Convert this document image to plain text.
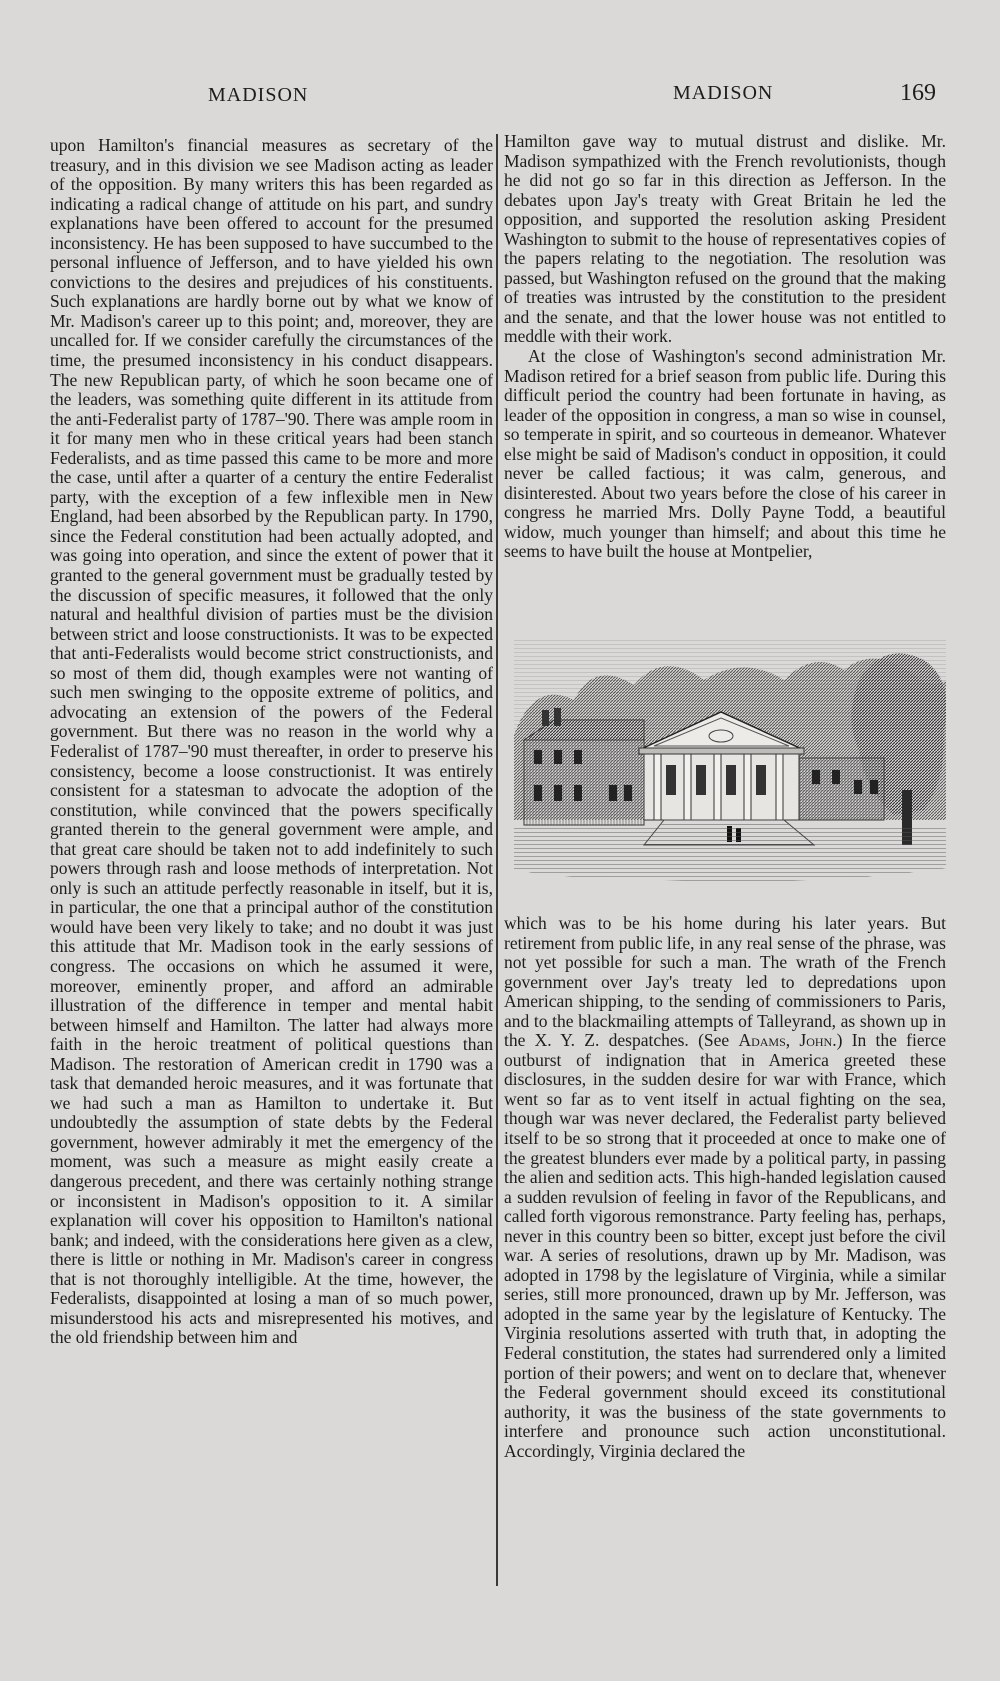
MADISON	MADISON	169

upon Hamilton's financial measures as secretary of the treasury, and in this division we see Madison acting as leader of the opposition. By many writers this has been regarded as indicating a radical change of attitude on his part, and sundry explanations have been offered to account for the presumed inconsistency. He has been supposed to have succumbed to the personal influence of Jefferson, and to have yielded his own convictions to the desires and prejudices of his constituents. Such explanations are hardly borne out by what we know of Mr. Madison's career up to this point; and, moreover, they are uncalled for. If we consider carefully the circumstances of the time, the presumed inconsistency in his conduct disappears. The new Republican party, of which he soon became one of the leaders, was something quite different in its attitude from the anti-Federalist party of 1787–'90. There was ample room in it for many men who in these critical years had been stanch Federalists, and as time passed this came to be more and more the case, until after a quarter of a century the entire Federalist party, with the exception of a few inflexible men in New England, had been absorbed by the Republican party. In 1790, since the Federal constitution had been actually adopted, and was going into operation, and since the extent of power that it granted to the general government must be gradually tested by the discussion of specific measures, it followed that the only natural and healthful division of parties must be the division between strict and loose constructionists. It was to be expected that anti-Federalists would become strict constructionists, and so most of them did, though examples were not wanting of such men swinging to the opposite extreme of politics, and advocating an extension of the powers of the Federal government. But there was no reason in the world why a Federalist of 1787–'90 must thereafter, in order to preserve his consistency, become a loose constructionist. It was entirely consistent for a statesman to advocate the adoption of the constitution, while convinced that the powers specifically granted therein to the general government were ample, and that great care should be taken not to add indefinitely to such powers through rash and loose methods of interpretation. Not only is such an attitude perfectly reasonable in itself, but it is, in particular, the one that a principal author of the constitution would have been very likely to take; and no doubt it was just this attitude that Mr. Madison took in the early sessions of congress. The occasions on which he assumed it were, moreover, eminently proper, and afford an admirable illustration of the difference in temper and mental habit between himself and Hamilton. The latter had always more faith in the heroic treatment of political questions than Madison. The restoration of American credit in 1790 was a task that demanded heroic measures, and it was fortunate that we had such a man as Hamilton to undertake it. But undoubtedly the assumption of state debts by the Federal government, however admirably it met the emergency of the moment, was such a measure as might easily create a dangerous precedent, and there was certainly nothing strange or inconsistent in Madison's opposition to it. A similar explanation will cover his opposition to Hamilton's national bank; and indeed, with the considerations here given as a clew, there is little or nothing in Mr. Madison's career in congress that is not thoroughly intelligible. At the time, however, the Federalists, disappointed at losing a man of so much power, misunderstood his acts and misrepresented his motives, and the old friendship between him and

Hamilton gave way to mutual distrust and dislike. Mr. Madison sympathized with the French revolutionists, though he did not go so far in this direction as Jefferson. In the debates upon Jay's treaty with Great Britain he led the opposition, and supported the resolution asking President Washington to submit to the house of representatives copies of the papers relating to the negotiation. The resolution was passed, but Washington refused on the ground that the making of treaties was intrusted by the constitution to the president and the senate, and that the lower house was not entitled to meddle with their work.

At the close of Washington's second administration Mr. Madison retired for a brief season from public life. During this difficult period the country had been fortunate in having, as leader of the opposition in congress, a man so wise in counsel, so temperate in spirit, and so courteous in demeanor. Whatever else might be said of Madison's conduct in opposition, it could never be called factious; it was calm, generous, and disinterested. About two years before the close of his career in congress he married Mrs. Dolly Payne Todd, a beautiful widow, much younger than himself; and about this time he seems to have built the house at Montpelier,

which was to be his home during his later years. But retirement from public life, in any real sense of the phrase, was not yet possible for such a man. The wrath of the French government over Jay's treaty led to depredations upon American shipping, to the sending of commissioners to Paris, and to the blackmailing attempts of Talleyrand, as shown up in the X. Y. Z. despatches. (See Adams, John.) In the fierce outburst of indignation that in America greeted these disclosures, in the sudden desire for war with France, which went so far as to vent itself in actual fighting on the sea, though war was never declared, the Federalist party believed itself to be so strong that it proceeded at once to make one of the greatest blunders ever made by a political party, in passing the alien and sedition acts. This high-handed legislation caused a sudden revulsion of feeling in favor of the Republicans, and called forth vigorous remonstrance. Party feeling has, perhaps, never in this country been so bitter, except just before the civil war. A series of resolutions, drawn up by Mr. Madison, was adopted in 1798 by the legislature of Virginia, while a similar series, still more pronounced, drawn up by Mr. Jefferson, was adopted in the same year by the legislature of Kentucky. The Virginia resolutions asserted with truth that, in adopting the Federal constitution, the states had surrendered only a limited portion of their powers; and went on to declare that, whenever the Federal government should exceed its constitutional authority, it was the business of the state governments to interfere and pronounce such action unconstitutional. Accordingly, Virginia declared the
